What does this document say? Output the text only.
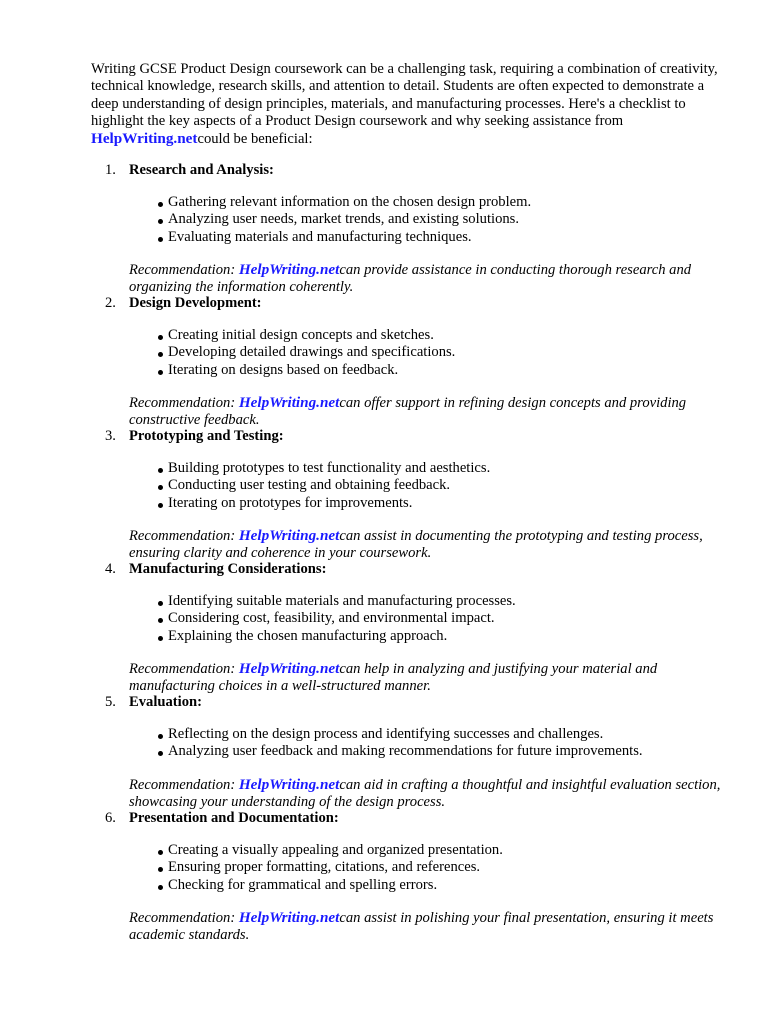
Writing GCSE Product Design coursework can be a challenging task, requiring a combination of creativity, technical knowledge, research skills, and attention to detail. Students are often expected to demonstrate a deep understanding of design principles, materials, and manufacturing processes. Here's a checklist to highlight the key aspects of a Product Design coursework and why seeking assistance from HelpWriting.netcould be beneficial:

1. Research and Analysis:
Gathering relevant information on the chosen design problem.
Analyzing user needs, market trends, and existing solutions.
Evaluating materials and manufacturing techniques.

Recommendation: HelpWriting.netcan provide assistance in conducting thorough research and organizing the information coherently.

2. Design Development:
Creating initial design concepts and sketches.
Developing detailed drawings and specifications.
Iterating on designs based on feedback.

Recommendation: HelpWriting.netcan offer support in refining design concepts and providing constructive feedback.

3. Prototyping and Testing:
Building prototypes to test functionality and aesthetics.
Conducting user testing and obtaining feedback.
Iterating on prototypes for improvements.

Recommendation: HelpWriting.netcan assist in documenting the prototyping and testing process, ensuring clarity and coherence in your coursework.

4. Manufacturing Considerations:
Identifying suitable materials and manufacturing processes.
Considering cost, feasibility, and environmental impact.
Explaining the chosen manufacturing approach.

Recommendation: HelpWriting.netcan help in analyzing and justifying your material and manufacturing choices in a well-structured manner.

5. Evaluation:
Reflecting on the design process and identifying successes and challenges.
Analyzing user feedback and making recommendations for future improvements.

Recommendation: HelpWriting.netcan aid in crafting a thoughtful and insightful evaluation section, showcasing your understanding of the design process.

6. Presentation and Documentation:
Creating a visually appealing and organized presentation.
Ensuring proper formatting, citations, and references.
Checking for grammatical and spelling errors.

Recommendation: HelpWriting.netcan assist in polishing your final presentation, ensuring it meets academic standards.
